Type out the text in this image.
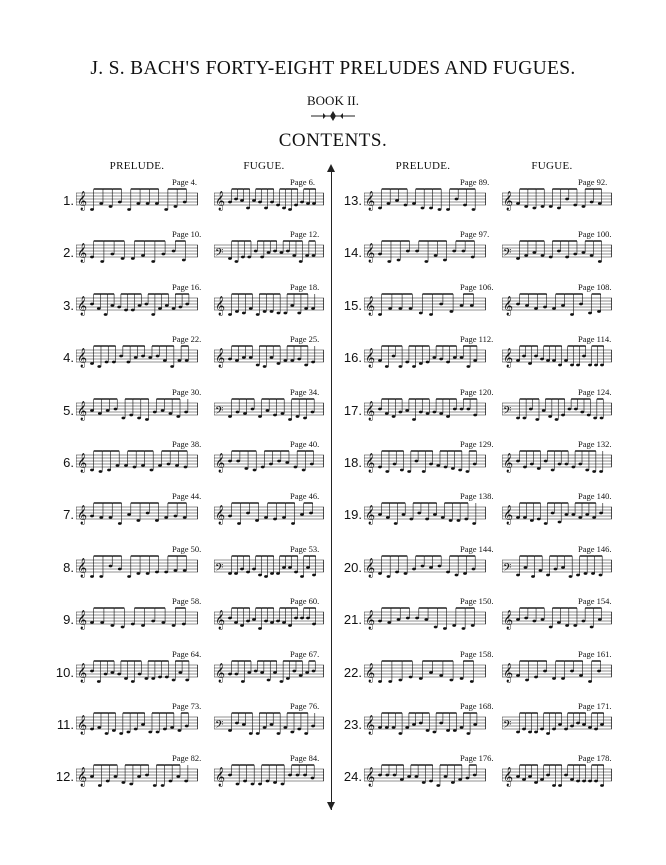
J. S. BACH'S FORTY-EIGHT PRELUDES AND FUGUES.
BOOK II.
CONTENTS.
PRELUDE.	FUGUE.	PRELUDE.	FUGUE.
1.
Page 4.	Page 6.
𝄞	𝄞
2.
Page 10.	Page 12.
𝄞	𝄢
3.
Page 16.	Page 18.
𝄞	𝄞
4.
Page 22.	Page 25.
𝄞	𝄞
5.
Page 30.	Page 34.
𝄞	𝄢
6.
Page 38.	Page 40.
𝄞	𝄞
7.
Page 44.	Page 46.
𝄞	𝄞
8.
Page 50.	Page 53.
𝄞	𝄢
9.
Page 58.	Page 60.
𝄞	𝄞
10.
Page 64.	Page 67.
𝄞	𝄞
11.
Page 73.	Page 76.
𝄞	𝄢
12.
Page 82.	Page 84.
𝄞	𝄞
13.
Page 89.	Page 92.
𝄞	𝄞
14.
Page 97.	Page 100.
𝄞	𝄢
15.
Page 106.	Page 108.
𝄞	𝄞
16.
Page 112.	Page 114.
𝄞	𝄞
17.
Page 120.	Page 124.
𝄞	𝄢
18.
Page 129.	Page 132.
𝄞	𝄞
19.
Page 138.	Page 140.
𝄞	𝄞
20.
Page 144.	Page 146.
𝄞	𝄢
21.
Page 150.	Page 154.
𝄞	𝄞
22.
Page 158.	Page 161.
𝄞	𝄞
23.
Page 168.	Page 171.
𝄞	𝄢
24.
Page 176.	Page 178.
𝄞	𝄞
